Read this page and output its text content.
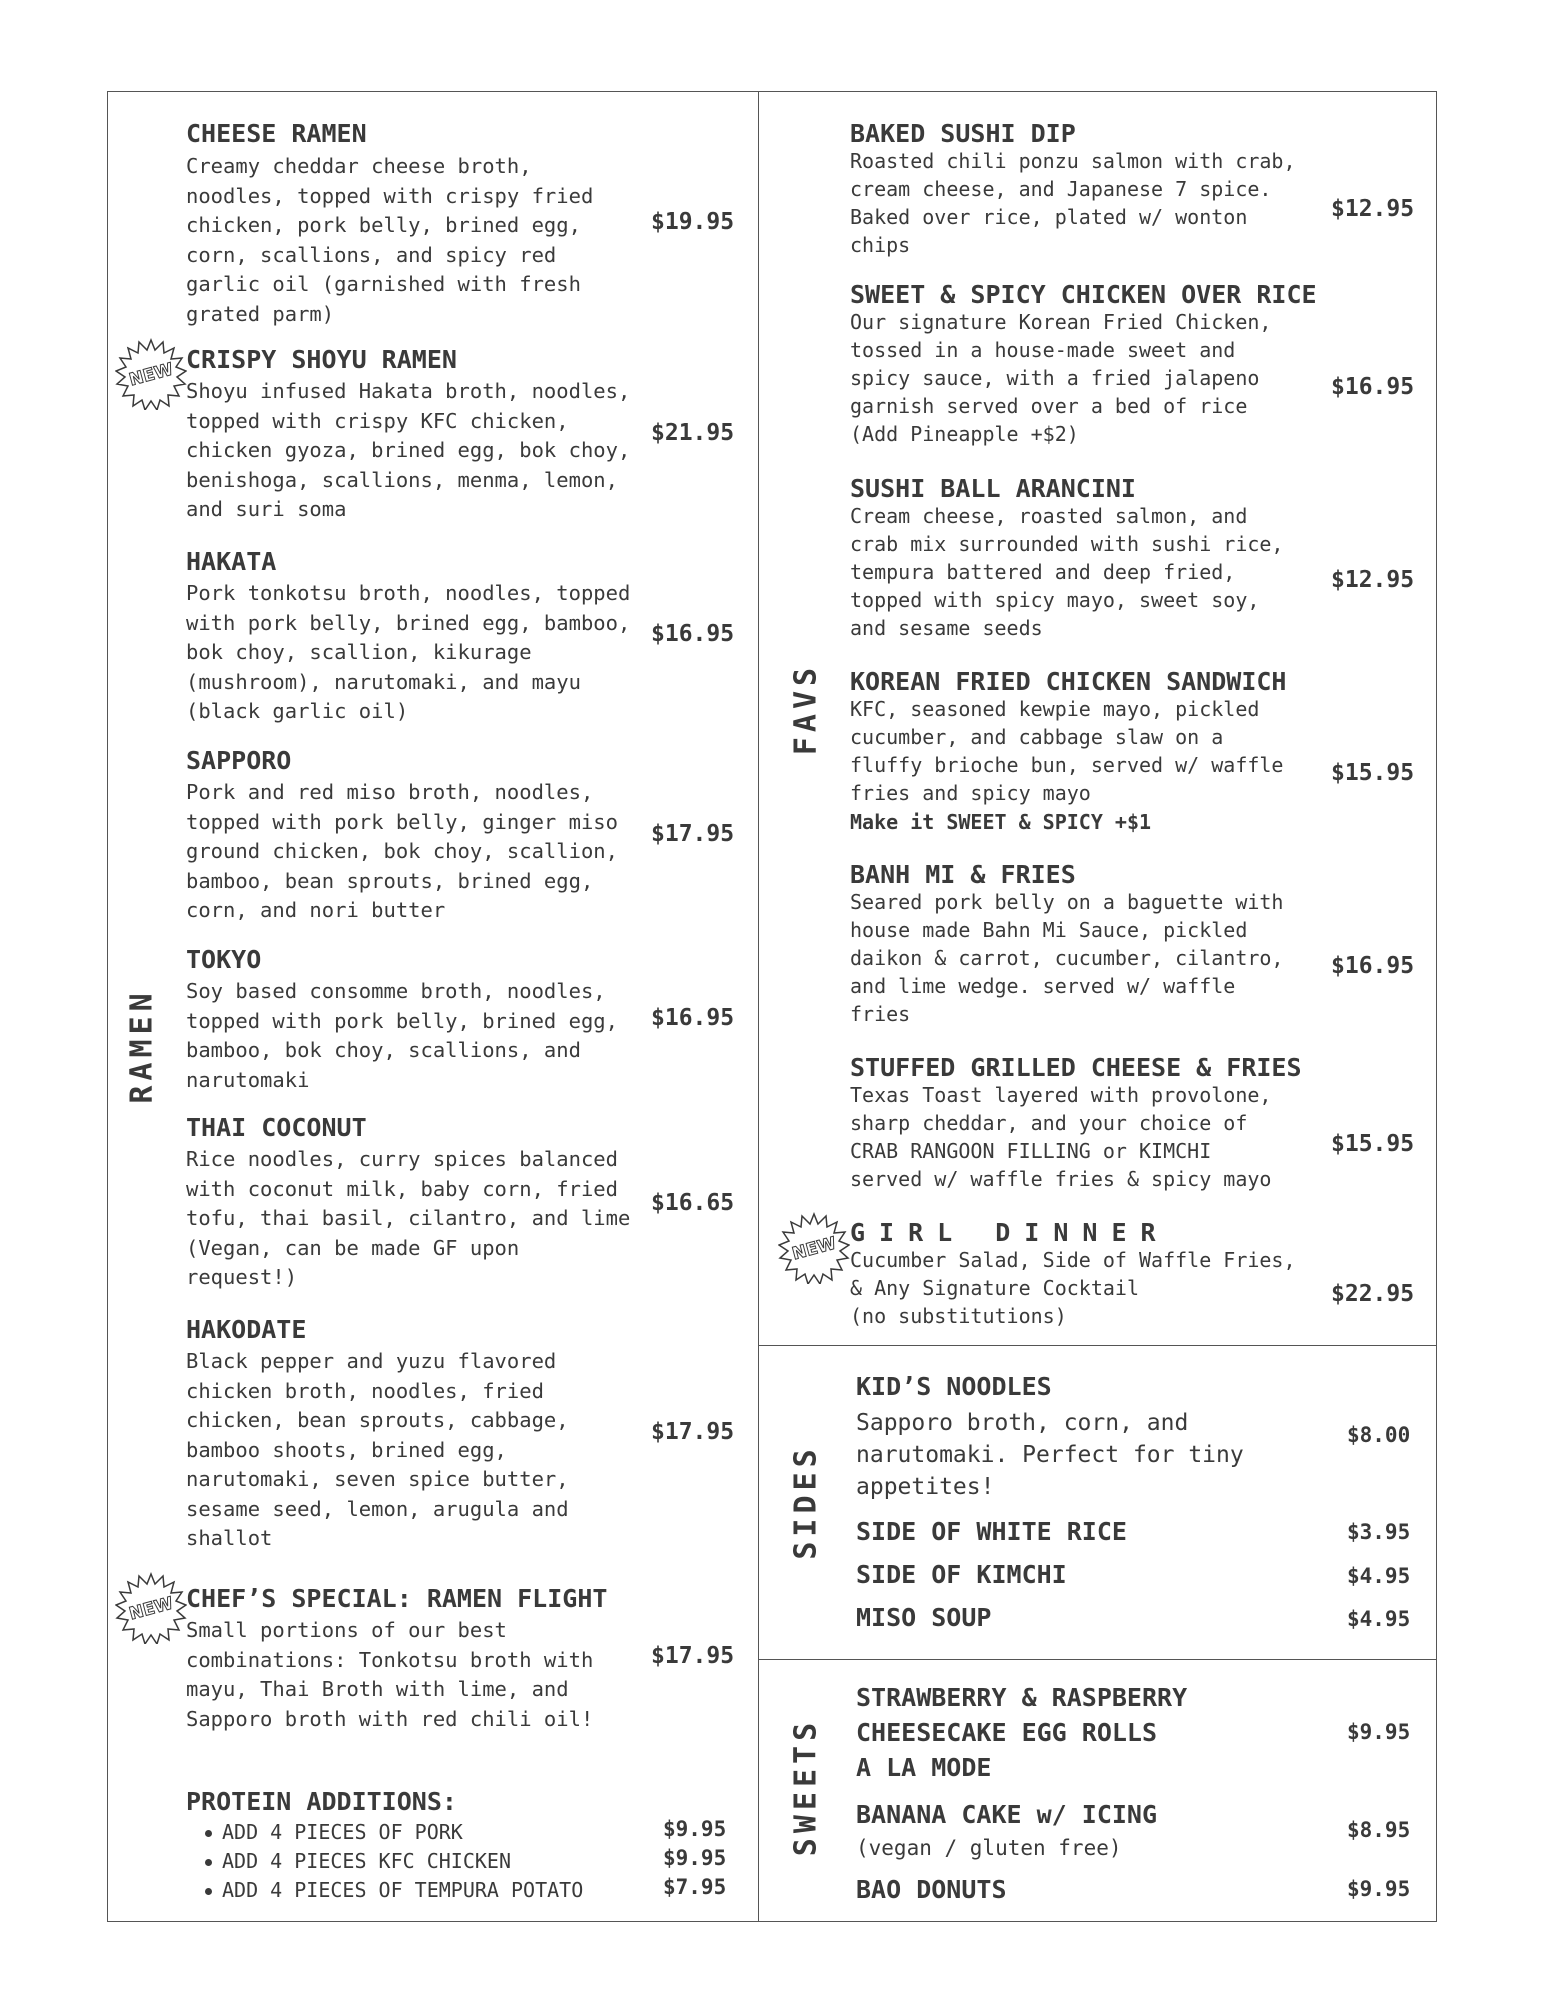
RAMEN
FAVS
SIDES
SWEETS
NEW
NEW
NEW
CHEESE RAMEN
Creamy cheddar cheese broth,
noodles, topped with crispy fried
chicken, pork belly, brined egg,
corn, scallions, and spicy red
garlic oil (garnished with fresh
grated parm)
$19.95
CRISPY SHOYU RAMEN
Shoyu infused Hakata broth, noodles,
topped with crispy KFC chicken,
chicken gyoza, brined egg, bok choy,
benishoga, scallions, menma, lemon,
and suri soma
$21.95
HAKATA
Pork tonkotsu broth, noodles, topped
with pork belly, brined egg, bamboo,
bok choy, scallion, kikurage
(mushroom), narutomaki, and mayu
(black garlic oil)
$16.95
SAPPORO
Pork and red miso broth, noodles,
topped with pork belly, ginger miso
ground chicken, bok choy, scallion,
bamboo, bean sprouts, brined egg,
corn, and nori butter
$17.95
TOKYO
Soy based consomme broth, noodles,
topped with pork belly, brined egg,
bamboo, bok choy, scallions, and
narutomaki
$16.95
THAI COCONUT
Rice noodles, curry spices balanced
with coconut milk, baby corn, fried
tofu, thai basil, cilantro, and lime
(Vegan, can be made GF upon
request!)
$16.65
HAKODATE
Black pepper and yuzu flavored
chicken broth, noodles, fried
chicken, bean sprouts, cabbage,
bamboo shoots, brined egg,
narutomaki, seven spice butter,
sesame seed, lemon, arugula and
shallot
$17.95
CHEF’S SPECIAL: RAMEN FLIGHT
Small portions of our best
combinations: Tonkotsu broth with
mayu, Thai Broth with lime, and
Sapporo broth with red chili oil!
$17.95
PROTEIN ADDITIONS:
ADD 4 PIECES OF PORK	$9.95
ADD 4 PIECES KFC CHICKEN	$9.95
ADD 4 PIECES OF TEMPURA POTATO	$7.95
BAKED SUSHI DIP
Roasted chili ponzu salmon with crab,
cream cheese, and Japanese 7 spice.
Baked over rice, plated w/ wonton
chips
$12.95
SWEET & SPICY CHICKEN OVER RICE
Our signature Korean Fried Chicken,
tossed in a house-made sweet and
spicy sauce, with a fried jalapeno
garnish served over a bed of rice
(Add Pineapple +$2)
$16.95
SUSHI BALL ARANCINI
Cream cheese, roasted salmon, and
crab mix surrounded with sushi rice,
tempura battered and deep fried,
topped with spicy mayo, sweet soy,
and sesame seeds
$12.95
KOREAN FRIED CHICKEN SANDWICH
KFC, seasoned kewpie mayo, pickled
cucumber, and cabbage slaw on a
fluffy brioche bun, served w/ waffle
fries and spicy mayo
Make it SWEET & SPICY +$1
$15.95
BANH MI & FRIES
Seared pork belly on a baguette with
house made Bahn Mi Sauce, pickled
daikon & carrot, cucumber, cilantro,
and lime wedge. served w/ waffle
fries
$16.95
STUFFED GRILLED CHEESE & FRIES
Texas Toast layered with provolone,
sharp cheddar, and your choice of
CRAB RANGOON FILLING or KIMCHI
served w/ waffle fries & spicy mayo
$15.95
GIRL DINNER
Cucumber Salad, Side of Waffle Fries,
& Any Signature Cocktail
(no substitutions)
$22.95
KID’S NOODLES
Sapporo broth, corn, and
narutomaki. Perfect for tiny
appetites!
$8.00
SIDE OF WHITE RICE	$3.95
SIDE OF KIMCHI	$4.95
MISO SOUP	$4.95
STRAWBERRY & RASPBERRY
CHEESECAKE EGG ROLLS
A LA MODE
$9.95
BANANA CAKE w/ ICING
(vegan / gluten free)
$8.95
BAO DONUTS	$9.95
